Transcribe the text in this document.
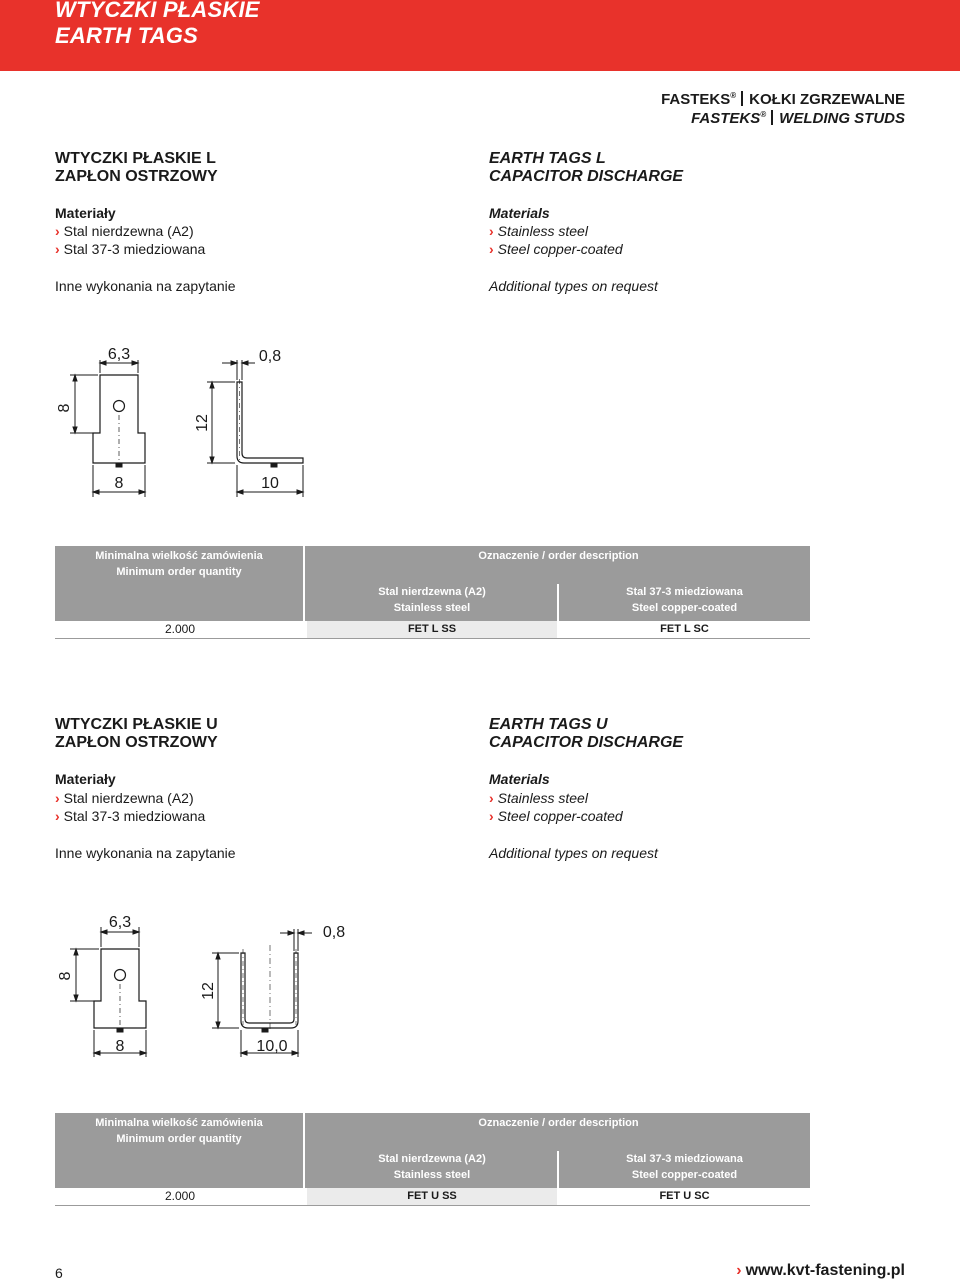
WTYCZKI PŁASKIE
EARTH TAGS
FASTEKS® KOŁKI ZGRZEWALNE
FASTEKS® WELDING STUDS
WTYCZKI PŁASKIE L
ZAPŁON OSTRZOWY
Materiały
› Stal nierdzewna (A2)
› Stal 37-3 miedziowana
Inne wykonania na zapytanie
EARTH TAGS L
CAPACITOR DISCHARGE
Materials
› Stainless steel
› Steel copper-coated
Additional types on request
6,3	0,8
8
12
8	10
Minimalna wielkość zamówienia
Minimum order quantity
Oznaczenie / order description
Stal nierdzewna (A2)
Stainless steel
Stal 37-3 miedziowana
Steel copper-coated
2.000	FET L SS	FET L SC
WTYCZKI PŁASKIE U
ZAPŁON OSTRZOWY
Materiały
› Stal nierdzewna (A2)
› Stal 37-3 miedziowana
Inne wykonania na zapytanie
EARTH TAGS U
CAPACITOR DISCHARGE
Materials
› Stainless steel
› Steel copper-coated
Additional types on request
6,3
0,8
8
12
8	10,0
Minimalna wielkość zamówienia
Minimum order quantity
Oznaczenie / order description
Stal nierdzewna (A2)
Stainless steel
Stal 37-3 miedziowana
Steel copper-coated
2.000	FET U SS	FET U SC
6	› www.kvt-fastening.pl
